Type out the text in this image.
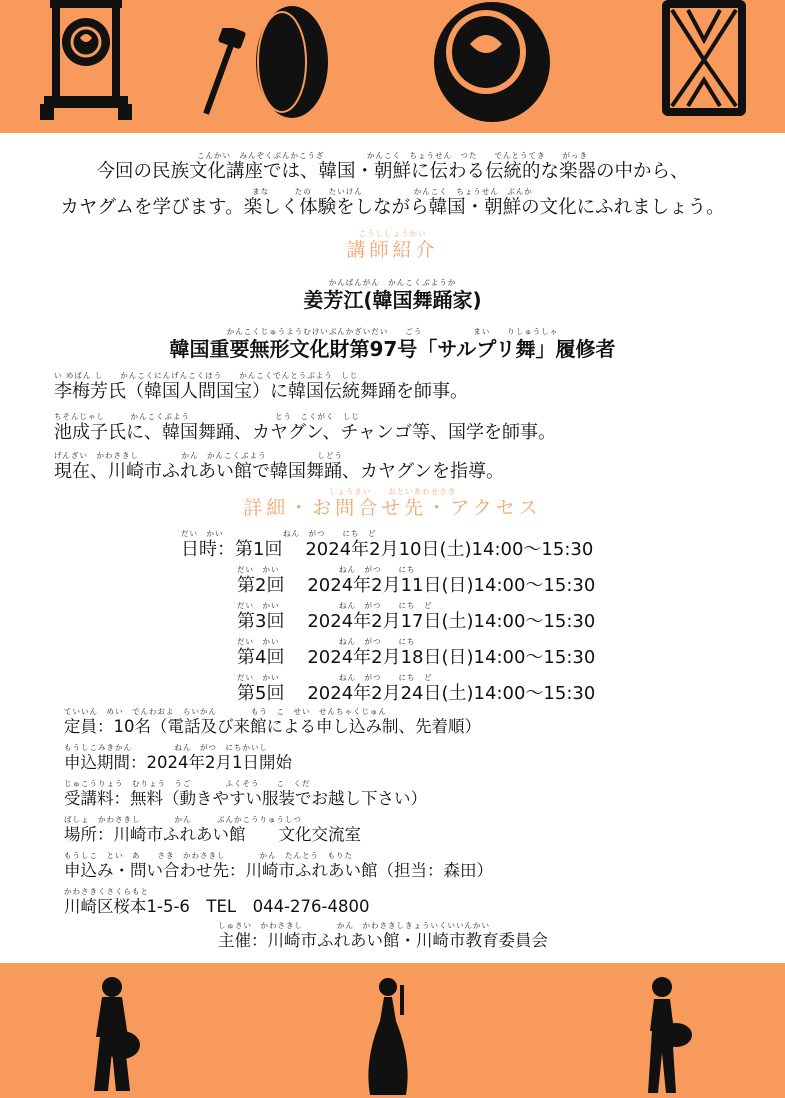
こんかい　みんぞくぶんかこうざ　　　　　かんこく　ちょうせん　つた　　でんとうてき　　がっき
今回の民族文化講座では、韓国・朝鮮に伝わる伝統的な楽器の中から、
まな　　　たの　　たいけん　　　　　　かんこく　ちょうせん　ぶんか
カヤグムを学びます。楽しく体験をしながら韓国・朝鮮の文化にふれましょう。
こうししょうかい
講師紹介
かんばんがん　かんこくぶようか
姜芳江(韓国舞踊家)
かんこくじゅうようむけいぶんかざいだい　　ごう　　　　　　まい　　りしゅうしゃ
韓国重要無形文化財第97号「サルプリ舞」履修者
い めばん し　　かんこくにんげんこくほう　　かんこくでんとうぶよう　しじ
李梅芳氏（韓国人間国宝）に韓国伝統舞踊を師事。
ちそんじゃし　　　かんこくぶよう　　　　　　　　　　とう　こくがく　しじ
池成子氏に、韓国舞踊、カヤグン、チャンゴ等、国学を師事。
げんざい　かわさきし　　　　　かん　かんこくぶよう　　　　　　しどう
現在、川崎市ふれあい館で韓国舞踊、カヤグンを指導。
しょうさい　　おといあわせさき
詳細・お問合せ先・アクセス
だい　かい　　　　　　　ねん　がつ　　にち　ど
日時：第1回 2024年2月10日(土)14:00～15:30
だい　かい　　　　　　　ねん　がつ　　にち
第2回 2024年2月11日(日)14:00～15:30
だい　かい　　　　　　　ねん　がつ　　にち　ど
第3回 2024年2月17日(土)14:00～15:30
だい　かい　　　　　　　ねん　がつ　　にち
第4回 2024年2月18日(日)14:00～15:30
だい　かい　　　　　　　ねん　がつ　　にち　ど
第5回 2024年2月24日(土)14:00～15:30
ていいん　めい　でんわおよ　らいかん　　　　もう　こ　せい　せんちゃくじゅん
定員：10名（電話及び来館による申し込み制、先着順）
もうしこみきかん　　　　　ねん　がつ　にちかいし
申込期間：2024年2月1日開始
じゅこうりょう　むりょう　うご　　　　ふくそう　　こ　くだ
受講料：無料（動きやすい服装でお越し下さい）
ばしょ　かわさきし　　　　かん　　　ぶんかこうりゅうしつ
場所：川崎市ふれあい館　　文化交流室
もうしこ　とい　あ　　さき　かわさきし　　　　かん　たんとう　もりた
申込み・問い合わせ先：川崎市ふれあい館（担当：森田）
かわさきくさくらもと
川崎区桜本1-5-6　TEL　044-276-4800
しゅさい　かわさきし　　　　かん　かわさきしきょういくいいんかい
主催：川崎市ふれあい館・川崎市教育委員会
